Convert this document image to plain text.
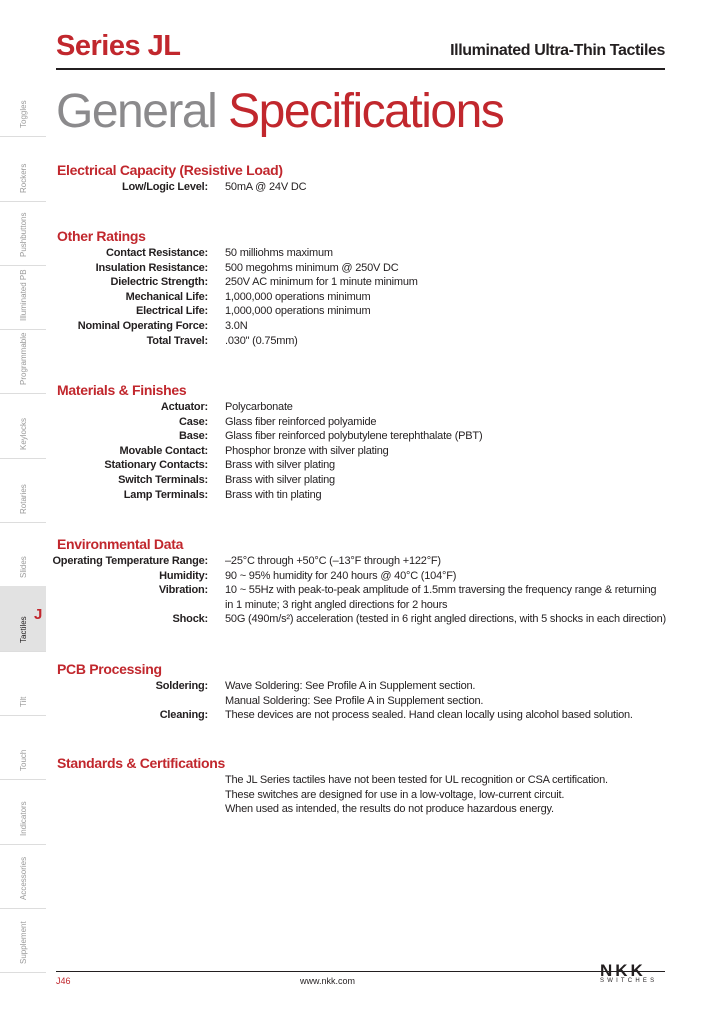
Series JL	Illuminated Ultra-Thin Tactiles
General Specifications
Toggles
Rockers
Pushbuttons
Illuminated PB
Programmable
Keylocks
Rotaries
Slides
Tactiles
J
Tilt
Touch
Indicators
Accessories
Supplement
Electrical Capacity (Resistive Load)
Low/Logic Level: 50mA @ 24V DC
Other Ratings
Contact Resistance: 50 milliohms maximum
Insulation Resistance: 500 megohms minimum @ 250V DC
Dielectric Strength: 250V AC minimum for 1 minute minimum
Mechanical Life: 1,000,000 operations minimum
Electrical Life: 1,000,000 operations minimum
Nominal Operating Force: 3.0N
Total Travel: .030" (0.75mm)
Materials & Finishes
Actuator: Polycarbonate
Case: Glass fiber reinforced polyamide
Base: Glass fiber reinforced polybutylene terephthalate (PBT)
Movable Contact: Phosphor bronze with silver plating
Stationary Contacts: Brass with silver plating
Switch Terminals: Brass with silver plating
Lamp Terminals: Brass with tin plating
Environmental Data
Operating Temperature Range: –25°C through +50°C (–13°F through +122°F)
Humidity: 90 ~ 95% humidity for 240 hours @ 40°C (104°F)
Vibration: 10 ~ 55Hz with peak-to-peak amplitude of 1.5mm traversing the frequency range & returning
in 1 minute; 3 right angled directions for 2 hours
Shock: 50G (490m/s²) acceleration (tested in 6 right angled directions, with 5 shocks in each direction)
PCB Processing
Soldering: Wave Soldering: See Profile A in Supplement section.
Manual Soldering: See Profile A in Supplement section.
Cleaning: These devices are not process sealed. Hand clean locally using alcohol based solution.
Standards & Certifications
The JL Series tactiles have not been tested for UL recognition or CSA certification.
These switches are designed for use in a low-voltage, low-current circuit.
When used as intended, the results do not produce hazardous energy.
J46	www.nkk.com
NKK
SWITCHES
